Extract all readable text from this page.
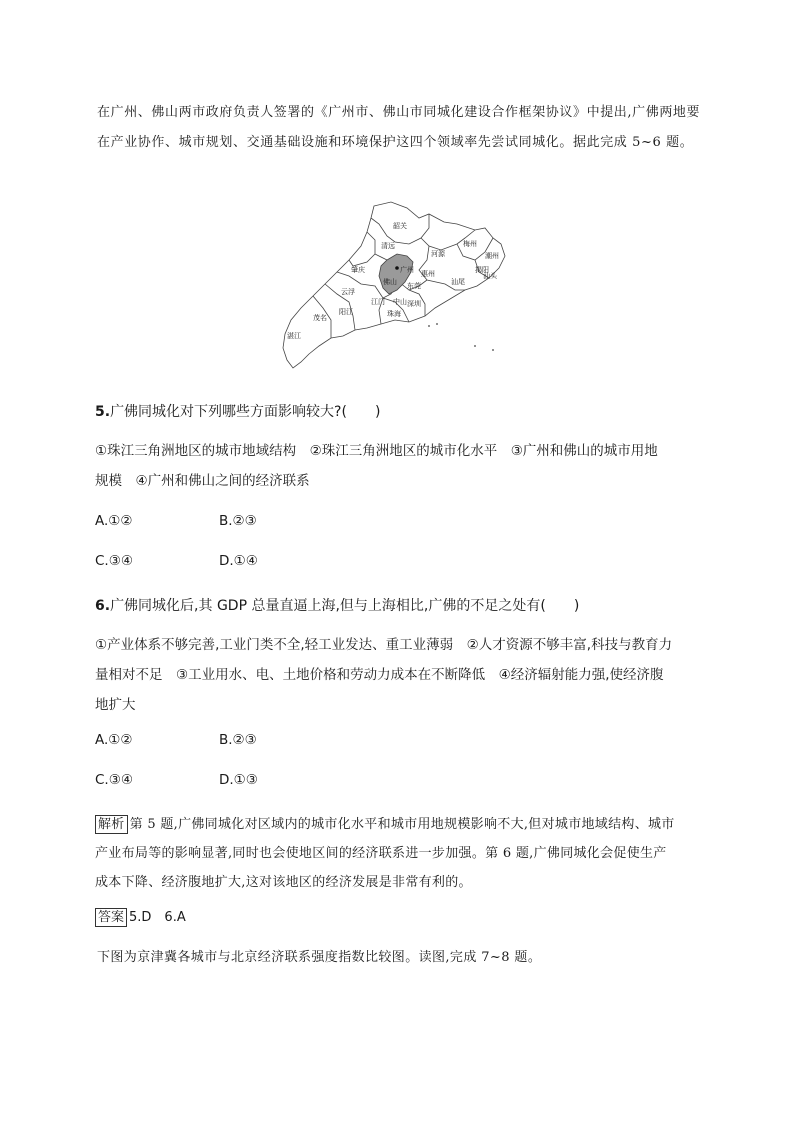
在广州、佛山两市政府负责人签署的《广州市、佛山市同城化建设合作框架协议》中提出,广佛两地要在产业协作、城市规划、交通基础设施和环境保护这四个领域率先尝试同城化。据此完成 5~6 题。
韶关
清远
河源
梅州
潮州
揭阳
汕头
汕尾
肇庆	广州
佛山
惠州
东莞
云浮
江门 中山 深圳
珠海
茂名
阳江
湛江
5.广佛同城化对下列哪些方面影响较大?(　　)
①珠江三角洲地区的城市地域结构　②珠江三角洲地区的城市化水平　③广州和佛山的城市用地
规模　④广州和佛山之间的经济联系
A.①②	B.②③
C.③④	D.①④
6.广佛同城化后,其 GDP 总量直逼上海,但与上海相比,广佛的不足之处有(　　)
①产业体系不够完善,工业门类不全,轻工业发达、重工业薄弱　②人才资源不够丰富,科技与教育力
量相对不足　③工业用水、电、土地价格和劳动力成本在不断降低　④经济辐射能力强,使经济腹
地扩大
A.①②	B.②③
C.③④	D.①③
解析 第 5 题,广佛同城化对区域内的城市化水平和城市用地规模影响不大,但对城市地域结构、城市
产业布局等的影响显著,同时也会使地区间的经济联系进一步加强。第 6 题,广佛同城化会促使生产
成本下降、经济腹地扩大,这对该地区的经济发展是非常有利的。
答案 5.D　6.A
下图为京津冀各城市与北京经济联系强度指数比较图。读图,完成 7~8 题。
